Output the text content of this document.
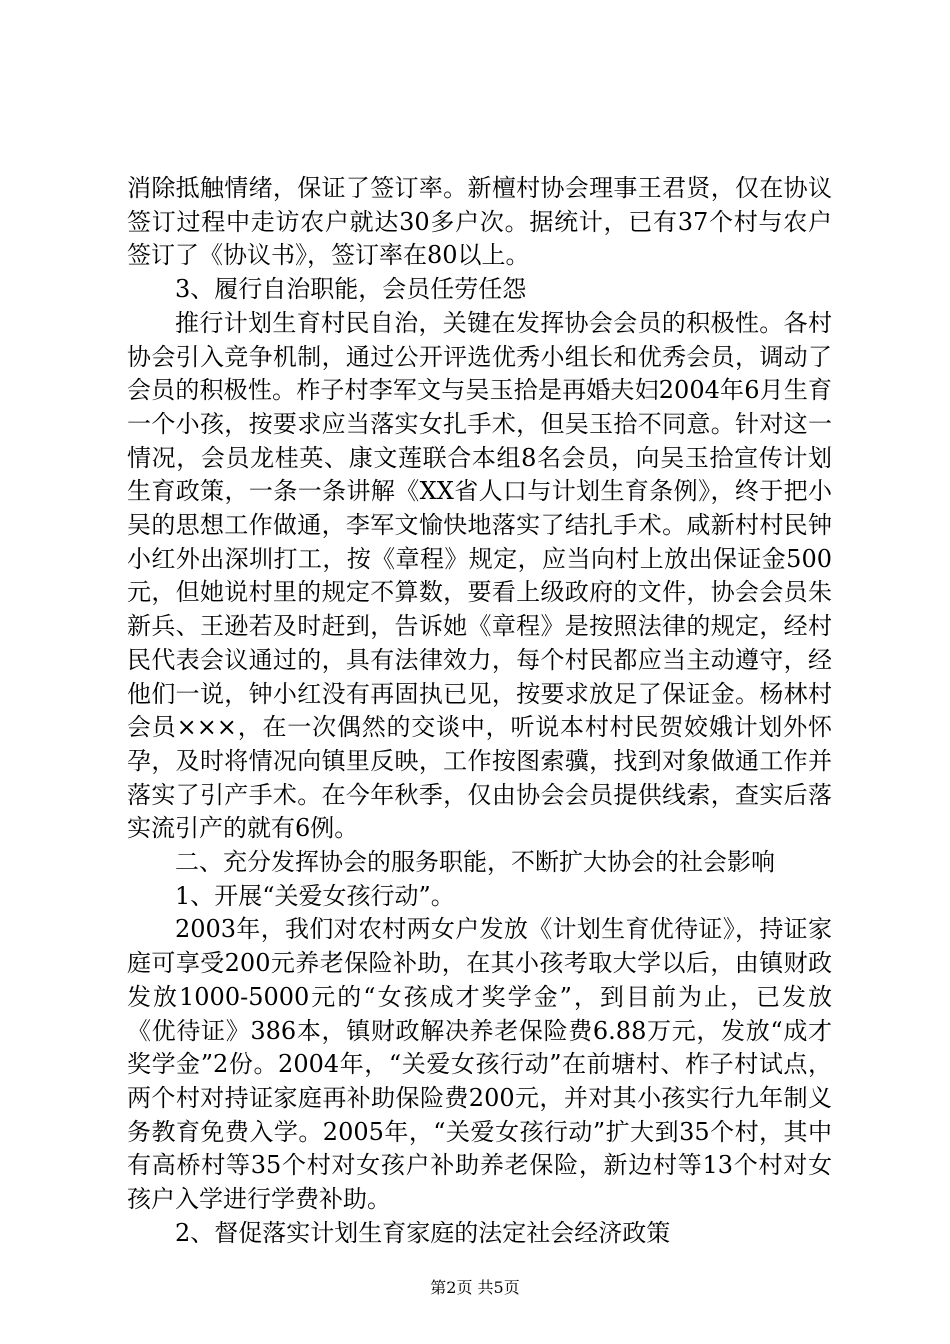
消除抵触情绪，保证了签订率。新檀村协会理事王君贤，仅在协议签订过程中走访农户就达30多户次。据统计，已有37个村与农户签订了《协议书》，签订率在80以上。

3、履行自治职能，会员任劳任怨

推行计划生育村民自治，关键在发挥协会会员的积极性。各村协会引入竞争机制，通过公开评选优秀小组长和优秀会员，调动了会员的积极性。柞子村李军文与吴玉拾是再婚夫妇2004年6月生育一个小孩，按要求应当落实女扎手术，但吴玉拾不同意。针对这一情况，会员龙桂英、康文莲联合本组8名会员，向吴玉拾宣传计划生育政策，一条一条讲解《XX省人口与计划生育条例》，终于把小吴的思想工作做通，李军文愉快地落实了结扎手术。咸新村村民钟小红外出深圳打工，按《章程》规定，应当向村上放出保证金500元，但她说村里的规定不算数，要看上级政府的文件，协会会员朱新兵、王逊若及时赶到，告诉她《章程》是按照法律的规定，经村民代表会议通过的，具有法律效力，每个村民都应当主动遵守，经他们一说，钟小红没有再固执已见，按要求放足了保证金。杨林村会员×××，在一次偶然的交谈中，听说本村村民贺姣娥计划外怀孕，及时将情况向镇里反映，工作按图索骥，找到对象做通工作并落实了引产手术。在今年秋季，仅由协会会员提供线索，查实后落实流引产的就有6例。

二、充分发挥协会的服务职能，不断扩大协会的社会影响

1、开展“关爱女孩行动”。

2003年，我们对农村两女户发放《计划生育优待证》，持证家庭可享受200元养老保险补助，在其小孩考取大学以后，由镇财政发放1000-5000元的“女孩成才奖学金”，到目前为止，已发放《优待证》386本，镇财政解决养老保险费6.88万元，发放“成才奖学金”2份。2004年，“关爱女孩行动”在前塘村、柞子村试点，两个村对持证家庭再补助保险费200元，并对其小孩实行九年制义务教育免费入学。2005年，“关爱女孩行动”扩大到35个村，其中有高桥村等35个村对女孩户补助养老保险，新边村等13个村对女孩户入学进行学费补助。

2、督促落实计划生育家庭的法定社会经济政策

第2页 共5页
